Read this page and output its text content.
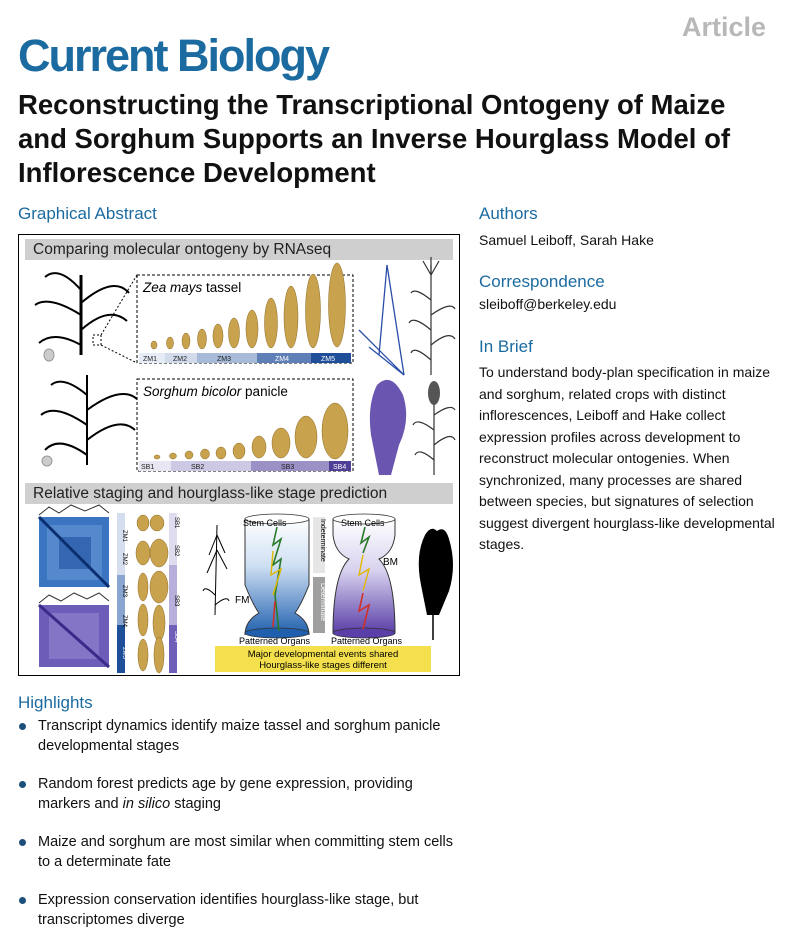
Article
Current Biology
Reconstructing the Transcriptional Ontogeny of Maize and Sorghum Supports an Inverse Hourglass Model of Inflorescence Development
Graphical Abstract
Comparing molecular ontogeny by RNAseq
Relative staging and hourglass-like stage prediction
Zea mays tassel
ZM1 ZM2	ZM3	ZM4	ZM5
Sorghum bicolor panicle
SB1	SB2	SB3	SB4
ZM1
ZM2
ZM3
ZM4
ZM5
SB1
SB2
SB3
SB4
Stem Cells
FM
Patterned Organs
Indeterminate
Determinate
Stem Cells
BM
Patterned Organs
Major developmental events shared
Hourglass-like stages different
Authors
Samuel Leiboff, Sarah Hake
Correspondence
sleiboff@berkeley.edu
In Brief
To understand body-plan specification in maize and sorghum, related crops with distinct inflorescences, Leiboff and Hake collect expression profiles across development to reconstruct molecular ontogenies. When synchronized, many processes are shared between species, but signatures of selection suggest divergent hourglass-like developmental stages.
Highlights
Transcript dynamics identify maize tassel and sorghum panicle developmental stages
Random forest predicts age by gene expression, providing markers and in silico staging
Maize and sorghum are most similar when committing stem cells to a determinate fate
Expression conservation identifies hourglass-like stage, but transcriptomes diverge
